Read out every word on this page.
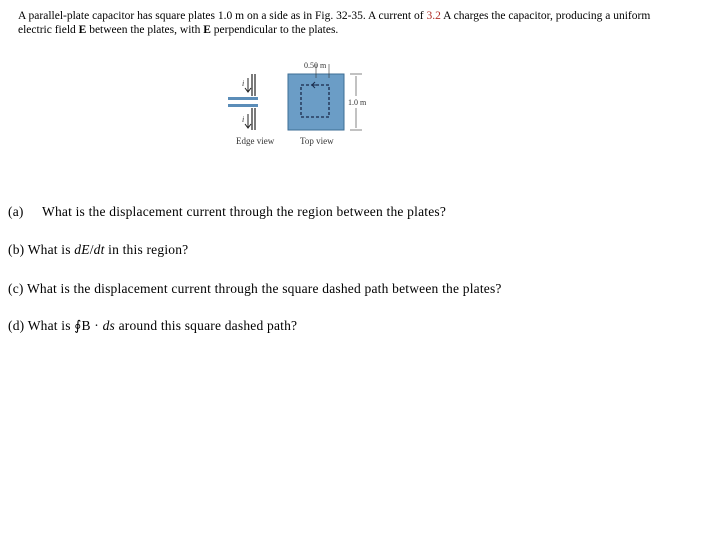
A parallel-plate capacitor has square plates 1.0 m on a side as in Fig. 32-35. A current of 3.2 A charges the capacitor, producing a uniform
electric field E between the plates, with E perpendicular to the plates.
i
i
0.50 m
1.0 m
Edge view	Top view
(a) What is the displacement current through the region between the plates?
(b) What is dE/dt in this region?
(c) What is the displacement current through the square dashed path between the plates?
(d) What is ∮B · ds around this square dashed path?
